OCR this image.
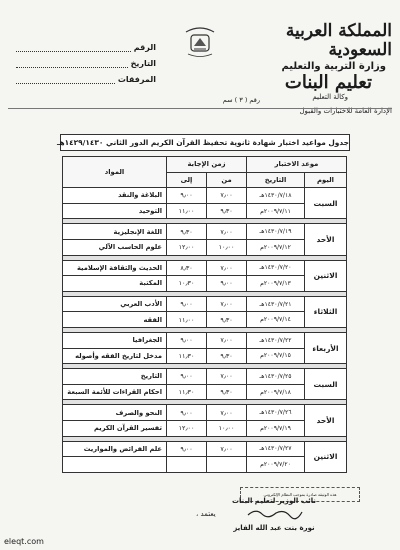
المملكة العربية السعودية
وزارة التربية والتعليم
تعليم البنات
وكالة التعليم
الإدارة العامة للاختبارات والقبول
الرقم
التاريخ
المرفقات
رقم ( ٣ ) سم
جدول مواعيد اختبار شهادة ثانوية تحفيظ القرآن الكريم الدور الثاني ١٤٢٩/١٤٣٠هـ
موعد الاختبار		زمن الإجابة		المواد
اليوم	التاريخ	من	إلى	
السبت	١٤٣٠/٧/١٨هـ	٧٫٠٠	٩٫٠٠	البلاغة والنقد
	٢٠٠٩/٧/١١م	٩٫٣٠	١١٫٠٠	التوحيد

الأحد	١٤٣٠/٧/١٩هـ	٧٫٠٠	٩٫٣٠	اللغة الإنجليزية
	٢٠٠٩/٧/١٢م	١٠٫٠٠	١٢٫٠٠	علوم الحاسب الآلي

الاثنين	١٤٣٠/٧/٢٠هـ	٧٫٠٠	٨٫٣٠	الحديث والثقافة الإسلامية
	٢٠٠٩/٧/١٣م	٩٫٠٠	١٠٫٣٠	المكتبة

الثلاثاء	١٤٣٠/٧/٢١هـ	٧٫٠٠	٩٫٠٠	الأدب العربي
	٢٠٠٩/٧/١٤م	٩٫٣٠	١١٫٠٠	الفقه

الأربعاء	١٤٣٠/٧/٢٢هـ	٧٫٠٠	٩٫٠٠	الجغرافيا
	٢٠٠٩/٧/١٥م	٩٫٣٠	١١٫٣٠	مدخل لتاريخ الفقه وأصوله

السبت	١٤٣٠/٧/٢٥هـ	٧٫٠٠	٩٫٠٠	التاريخ
	٢٠٠٩/٧/١٨م	٩٫٣٠	١١٫٣٠	احكام القراءات للأئمة السبعة

الأحد	١٤٣٠/٧/٢٦هـ	٧٫٠٠	٩٫٠٠	النحو والصرف
	٢٠٠٩/٧/١٩م	١٠٫٠٠	١٢٫٠٠	تفسير القرآن الكريم

الاثنين	١٤٣٠/٧/٢٧هـ	٧٫٠٠	٩٫٠٠	علم الفرائض والمواريث
	٢٠٠٩/٧/٢٠م			
هذه الوثيقة صادرة بموجب النظام الإلكتروني
نائب الوزير لتعليم البنات
نورة بنت عبد الله الفايز
يعتمد ،
eleqt.com
